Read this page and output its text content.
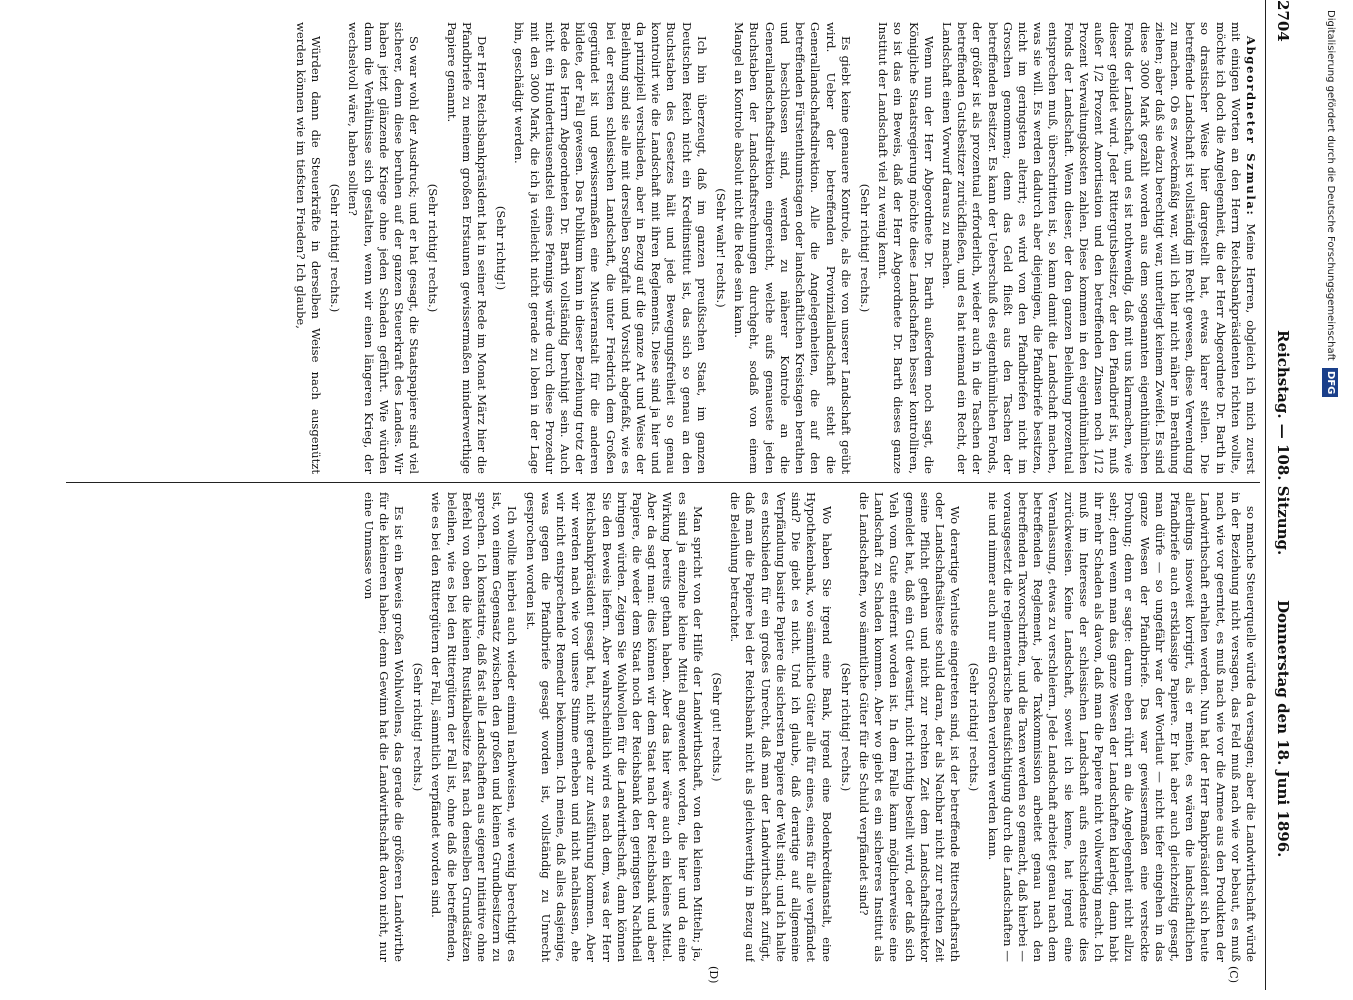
2704
Reichstag. — 108. Sitzung.
Donnerstag den 18. Juni 1896.
(C)
(D)

Abgeordneter Szmula: Meine Herren, obgleich ich mich zuerst mit einigen Worten an den Herrn Reichsbankpräsidenten richten wollte, möchte ich doch die Angelegenheit, die der Herr Abgeordnete Dr. Barth in so drastischer Weise hier dargestellt hat, etwas klarer stellen. Die betreffende Landschaft ist vollständig im Recht gewesen, diese Verwendung zu machen. Ob es zweckmäßig war, will ich hier nicht näher in Berathung ziehen; aber daß sie dazu berechtigt war, unterliegt keinem Zweifel. Es sind diese 3000 Mark gezahlt worden aus dem sogenannten eigenthümlichen Fonds der Landschaft, und es ist nothwendig, daß mit uns klarmachen, wie dieser gebildet wird. Jeder Rittergutsbesitzer, der den Pfandbrief ist, muß außer 1/2 Prozent Amortisation und den betreffenden Zinsen noch 1/12 Prozent Verwaltungskosten zahlen. Diese kommen in den eigenthümlichen Fonds der Landschaft. Wenn dieser, der den ganzen Beleihung prozentual entsprechen muß, überschritten ist, so kann damit die Landschaft machen, was sie will. Es werden dadurch aber diejenigen, die Pfandbriefe besitzen, nicht im geringsten alterirt; es wird von den Pfandbriefen nicht im Groschen genommen; denn das Geld fließt aus den Taschen der betreffenden Besitzer. Es kann der Ueberschuß des eigenthümlichen Fonds, der größer ist als prozentual erforderlich, wieder auch in die Taschen der betreffenden Gutsbesitzer zurückfließen, und es hat niemand ein Recht, der Landschaft einen Vorwurf daraus zu machen.

Wenn nun der Herr Abgeordnete Dr. Barth außerdem noch sagt, die Königliche Staatsregierung möchte diese Landschaften besser kontrolliren, so ist das ein Beweis, daß der Herr Abgeordnete Dr. Barth dieses ganze Institut der Landschaft viel zu wenig kennt.

(Sehr richtig! rechts.)

Es giebt keine genauere Kontrole, als die von unserer Landschaft geübt wird. Ueber der betreffenden Provinziallandschaft steht die Generallandschaftsdirektion. Alle die Angelegenheiten, die auf den betreffenden Fürstenthumstagen oder landschaftlichen Kreistagen berathen und beschlossen sind, werden zu näherer Kontrole an die Generallandschaftsdirektion eingereicht, welche aufs genaueste jeden Buchstaben der Landschaftsrechnungen durchgeht, sodaß von einem Mangel an Kontrole absolut nicht die Rede sein kann.

(Sehr wahr! rechts.)

Ich bin überzeugt, daß im ganzen preußischen Staat, im ganzen Deutschen Reich nicht ein Kreditinstitut ist, das sich so genau an den Buchstaben des Gesetzes hält und jede Bewegungsfreiheit so genau kontrolirt wie die Landschaft mit ihren Reglements. Diese sind ja hier und da prinzipiell verschieden, aber in Bezug auf die ganze Art und Weise der Beleihung sind sie alle mit derselben Sorgfalt und Vorsicht abgefaßt, wie es bei der ersten schlesischen Landschaft, die unter Friedrich dem Großen gegründet ist und gewissermaßen eine Musteranstalt für die anderen bildete, der Fall gewesen. Das Publikum kann in dieser Beziehung trotz der Rede des Herrn Abgeordneten Dr. Barth vollständig beruhigt sein. Auch nicht ein Hunderttausendstel eines Pfennigs würde durch diese Prozedur mit den 3000 Mark, die ich ja vielleicht nicht gerade zu loben in der Lage bin, geschädigt werden.

(Sehr richtig!)

Der Herr Reichsbankpräsident hat in seiner Rede im Monat März hier die Pfandbriefe zu meinem großen Erstaunen gewissermaßen minderwerthige Papiere genannt.

(Sehr richtig! rechts.)

So war wohl der Ausdruck; und er hat gesagt, die Staatspapiere sind viel sicherer, denn diese beruhen auf der ganzen Steuerkraft des Landes. Wir haben jetzt glänzende Kriege ohne jeden Schaden geführt. Wie würden dann die Verhältnisse sich gestalten, wenn wir einen längeren Krieg, der wechselvoll wäre, haben sollten?

(Sehr richtig! rechts.)

Würden dann die Steuerkräfte in derselben Weise nach ausgenützt werden können wie im tiefsten Frieden? Ich glaube,

so manche Steuerquelle würde da versagen; aber die Landwirthschaft würde in der Beziehung nicht versagen, das Feld muß nach wie vor bebaut, es muß nach wie vor geerntet, es muß nach wie vor die Armee aus den Produkten der Landwirthschaft erhalten werden. Nun hat der Herr Bankpräsident sich heute allerdings insoweit korrigirt, als er meinte, es wären die landschaftlichen Pfandbriefe auch erstklassige Papiere. Er hat aber auch gleichzeitig gesagt, man dürfe — so ungefähr war der Wortlaut — nicht tiefer eingehen in das ganze Wesen der Pfandbriefe. Das war gewissermaßen eine versteckte Drohung; denn er sagte: darum eben rührt an die Angelegenheit nicht allzu sehr; denn wenn man das ganze Wesen der Landschaften klarlegt, dann habt ihr mehr Schaden als davon, daß man die Papiere nicht vollwerthig macht. Ich muß im Interesse der schlesischen Landschaft aufs entschiedenste dies zurückweisen. Keine Landschaft, soweit ich sie kenne, hat irgend eine Veranlassung, etwas zu verschleiern. Jede Landschaft arbeitet genau nach dem betreffenden Reglement, jede Taxkommission arbeitet genau nach den betreffenden Taxvorschriften, und die Taxen werden so gemacht, daß hierbei — vorausgesetzt die reglementarische Beaufsichtigung durch die Landschaften — nie und nimmer auch nur ein Groschen verloren werden kann.

(Sehr richtig! rechts.)

Wo derartige Verluste eingetreten sind, ist der betreffende Ritterschaftsrath oder Landschaftsälteste schuld daran, der als Nachbar nicht zur rechten Zeit seine Pflicht gethan und nicht zur rechten Zeit dem Landschaftsdirektor gemeldet hat, daß ein Gut devastirt, nicht richtig bestellt wird, oder daß sich Vieh vom Gute entfernt worden ist. In dem Falle kann möglicherweise eine Landschaft zu Schaden kommen. Aber wo giebt es ein sichereres Institut als die Landschaften, wo sämmtliche Güter für die Schuld verpfändet sind?

(Sehr richtig! rechts.)

Wo haben Sie irgend eine Bank, irgend eine Bodenkreditanstalt, eine Hypothekenbank, wo sämmtliche Güter alle für eines, eines für alle verpfändet sind? Die giebt es nicht. Und ich glaube, daß derartige auf allgemeine Verpfändung basirte Papiere die sichersten Papiere der Welt sind; und ich halte es entschieden für ein großes Unrecht, daß man der Landwirthschaft zufügt, daß man die Papiere bei der Reichsbank nicht als gleichwerthig in Bezug auf die Beleihung betrachtet.

(Sehr gut! rechts.)

Man spricht von der Hilfe der Landwirthschaft, von den kleinen Mitteln; ja, es sind ja einzelne kleine Mittel angewendet worden, die hier und da eine Wirkung bereits gethan haben. Aber das hier wäre auch ein kleines Mittel. Aber da sagt man: dies können wir dem Staat nach der Reichsbank und aber Papiere, die weder dem Staat noch der Reichsbank den geringsten Nachtheil bringen würden. Zeigen Sie Wohlwollen für die Landwirthschaft, dann können Sie den Beweis liefern. Aber wahrscheinlich wird es nach dem, was der Herr Reichsbankpräsident gesagt hat, nicht gerade zur Ausführung kommen. Aber wir werden nach wie vor unsere Stimme erheben und nicht nachlassen, ehe wir nicht entsprechende Remedur bekommen. Ich meine, daß alles dasjenige, was gegen die Pfandbriefe gesagt worden ist, vollständig zu Unrecht gesprochen worden ist.

Ich wollte hierbei auch wieder einmal nachweisen, wie wenig berechtigt es ist, von einem Gegensatz zwischen den großen und kleinen Grundbesitzern zu sprechen. Ich konstatire, daß fast alle Landschaften aus eigener Initiative ohne Befehl von oben die kleinen Rustikalbesitze fast nach denselben Grundsätzen beleihen, wie es bei den Rittergütern der Fall ist, ohne daß die betreffenden, wie es bei den Rittergütern der Fall, sämmtlich verpfändet worden sind.

(Sehr richtig! rechts.)

Es ist ein Beweis großen Wohlwollens, das gerade die größeren Landwirthe für die kleineren haben; denn Gewinn hat die Landwirthschaft davon nicht, nur eine Unmasse von

Digitalisierung gefördert durch die Deutsche Forschungsgemeinschaft DFG
